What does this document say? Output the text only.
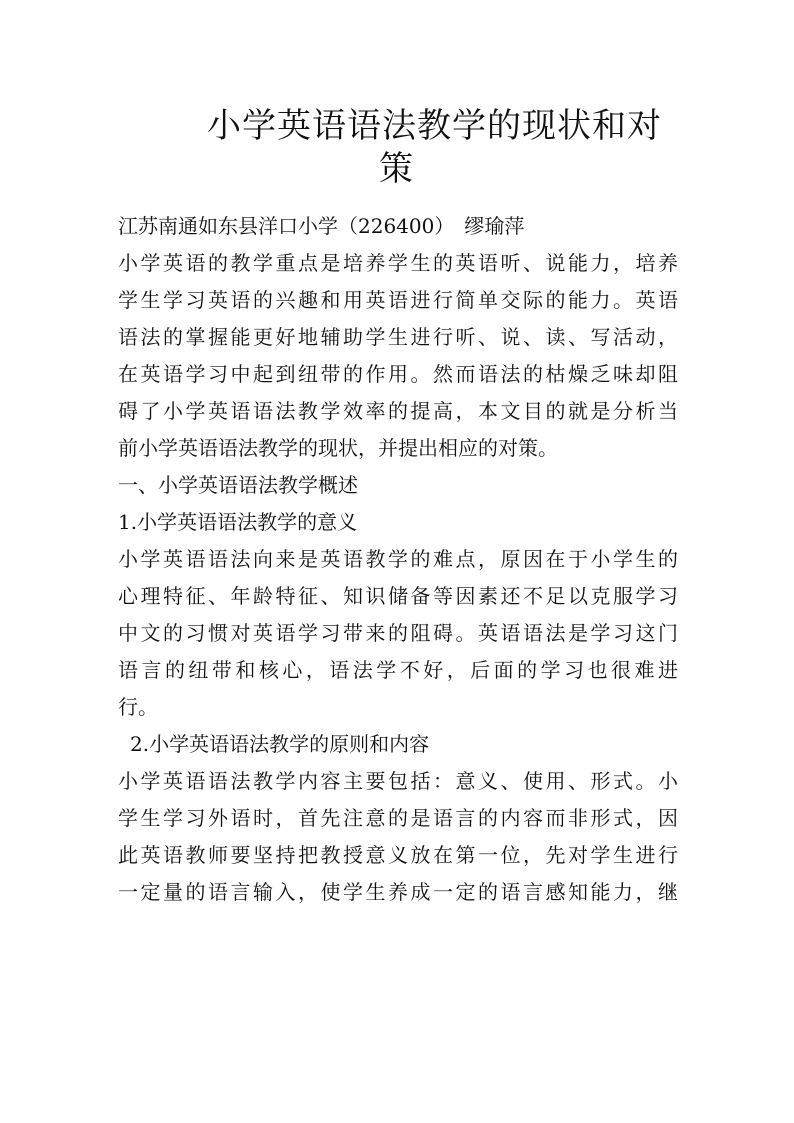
小学英语语法教学的现状和对
策
江苏南通如东县洋口小学（226400）　缪瑜萍
小学英语的教学重点是培养学生的英语听、说能力，培养
学生学习英语的兴趣和用英语进行简单交际的能力。英语
语法的掌握能更好地辅助学生进行听、说、读、写活动，
在英语学习中起到纽带的作用。然而语法的枯燥乏味却阻
碍了小学英语语法教学效率的提高，本文目的就是分析当
前小学英语语法教学的现状，并提出相应的对策。
一、小学英语语法教学概述
1.小学英语语法教学的意义
小学英语语法向来是英语教学的难点，原因在于小学生的
心理特征、年龄特征、知识储备等因素还不足以克服学习
中文的习惯对英语学习带来的阻碍。英语语法是学习这门
语言的纽带和核心，语法学不好，后面的学习也很难进
行。
2.小学英语语法教学的原则和内容
小学英语语法教学内容主要包括：意义、使用、形式。小
学生学习外语时，首先注意的是语言的内容而非形式，因
此英语教师要坚持把教授意义放在第一位，先对学生进行
一定量的语言输入，使学生养成一定的语言感知能力，继
